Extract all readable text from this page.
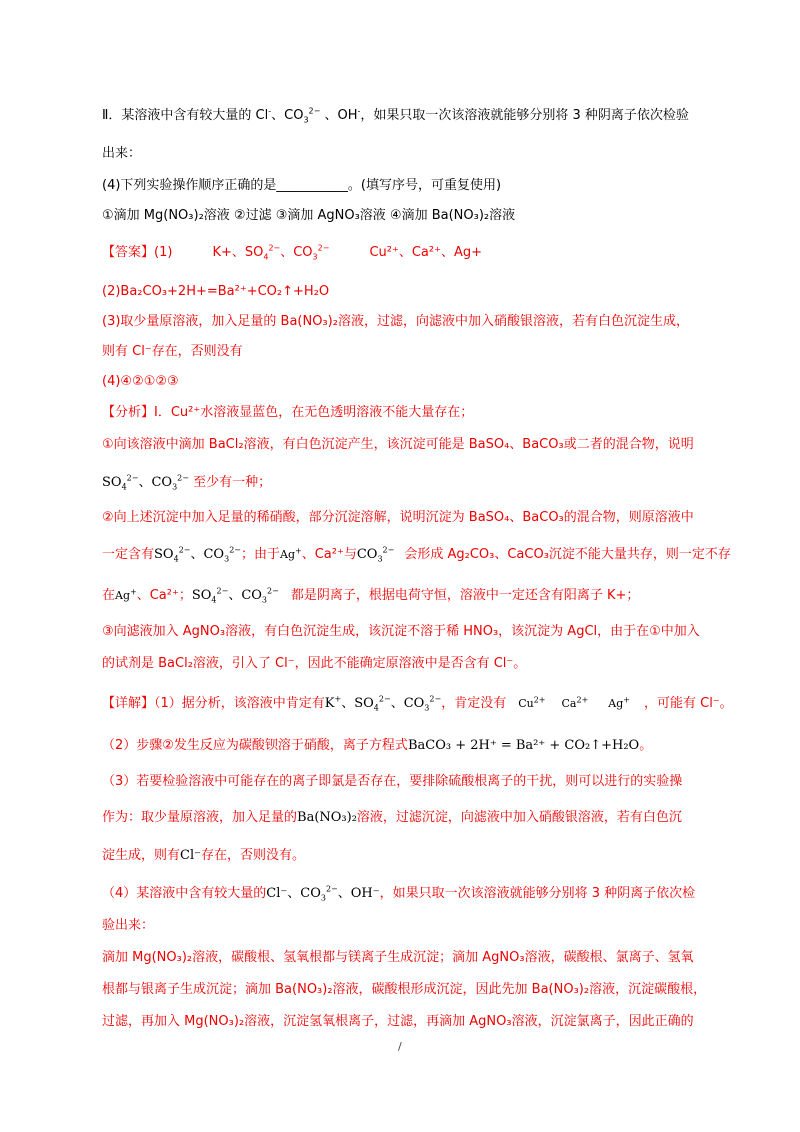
Ⅱ．某溶液中含有较大量的 Cl-、$CO_3^{2-}$ 、OH-，如果只取一次该溶液就能够分别将 3 种阴离子依次检验
出来：
(4)下列实验操作顺序正确的是___________。(填写序号，可重复使用)
①滴加 Mg(NO₃)₂溶液 ②过滤 ③滴加 AgNO₃溶液 ④滴加 Ba(NO₃)₂溶液
【答案】(1)	K+、$SO_4^{2-}$、$CO_3^{2-}$	Cu²⁺、Ca²⁺、Ag+
(2)Ba₂CO₃+2H+=Ba²⁺+CO₂↑+H₂O
(3)取少量原溶液，加入足量的 Ba(NO₃)₂溶液，过滤，向滤液中加入硝酸银溶液，若有白色沉淀生成，
则有 Cl⁻存在，否则没有
(4)④②①②③
【分析】Ⅰ．Cu²⁺水溶液显蓝色，在无色透明溶液不能大量存在；
①向该溶液中滴加 BaCl₂溶液，有白色沉淀产生，该沉淀可能是 BaSO₄、BaCO₃或二者的混合物，说明
$SO_4^{2-}$、$CO_3^{2-}$ 至少有一种；
②向上述沉淀中加入足量的稀硝酸，部分沉淀溶解，说明沉淀为 BaSO₄、BaCO₃的混合物，则原溶液中
一定含有$SO_4^{2-}$、$CO_3^{2-}$；由于Ag+、Ca²⁺与$CO_3^{2-}$ 会形成 Ag₂CO₃、CaCO₃沉淀不能大量共存，则一定不存
在Ag+、Ca²⁺；$SO_4^{2-}$、$CO_3^{2-}$ 都是阴离子，根据电荷守恒，溶液中一定还含有阳离子 K+；
③向滤液加入 AgNO₃溶液，有白色沉淀生成，该沉淀不溶于稀 HNO₃，该沉淀为 AgCl，由于在①中加入
的试剂是 BaCl₂溶液，引入了 Cl⁻，因此不能确定原溶液中是否含有 Cl⁻。
【详解】（1）据分析，该溶液中肯定有K+、$SO_4^{2-}$、$CO_3^{2-}$，肯定没有 $Cu^{2+}$ $Ca^{2+}$ Ag+ ，可能有 Cl⁻。
（2）步骤②发生反应为碳酸钡溶于硝酸，离子方程式BaCO₃ + 2H⁺ = Ba²⁺ + CO₂↑+H₂O。
（3）若要检验溶液中可能存在的离子即氯是否存在，要排除硫酸根离子的干扰，则可以进行的实验操
作为：取少量原溶液，加入足量的Ba(NO₃)₂溶液，过滤沉淀，向滤液中加入硝酸银溶液，若有白色沉
淀生成，则有Cl⁻存在，否则没有。
（4）某溶液中含有较大量的Cl⁻、$CO_3^{2-}$、OH⁻，如果只取一次该溶液就能够分别将 3 种阴离子依次检
验出来：
滴加 Mg(NO₃)₂溶液，碳酸根、氢氧根都与镁离子生成沉淀；滴加 AgNO₃溶液，碳酸根、氯离子、氢氧
根都与银离子生成沉淀；滴加 Ba(NO₃)₂溶液，碳酸根形成沉淀，因此先加 Ba(NO₃)₂溶液，沉淀碳酸根，
过滤，再加入 Mg(NO₃)₂溶液，沉淀氢氧根离子，过滤，再滴加 AgNO₃溶液，沉淀氯离子，因此正确的
/
